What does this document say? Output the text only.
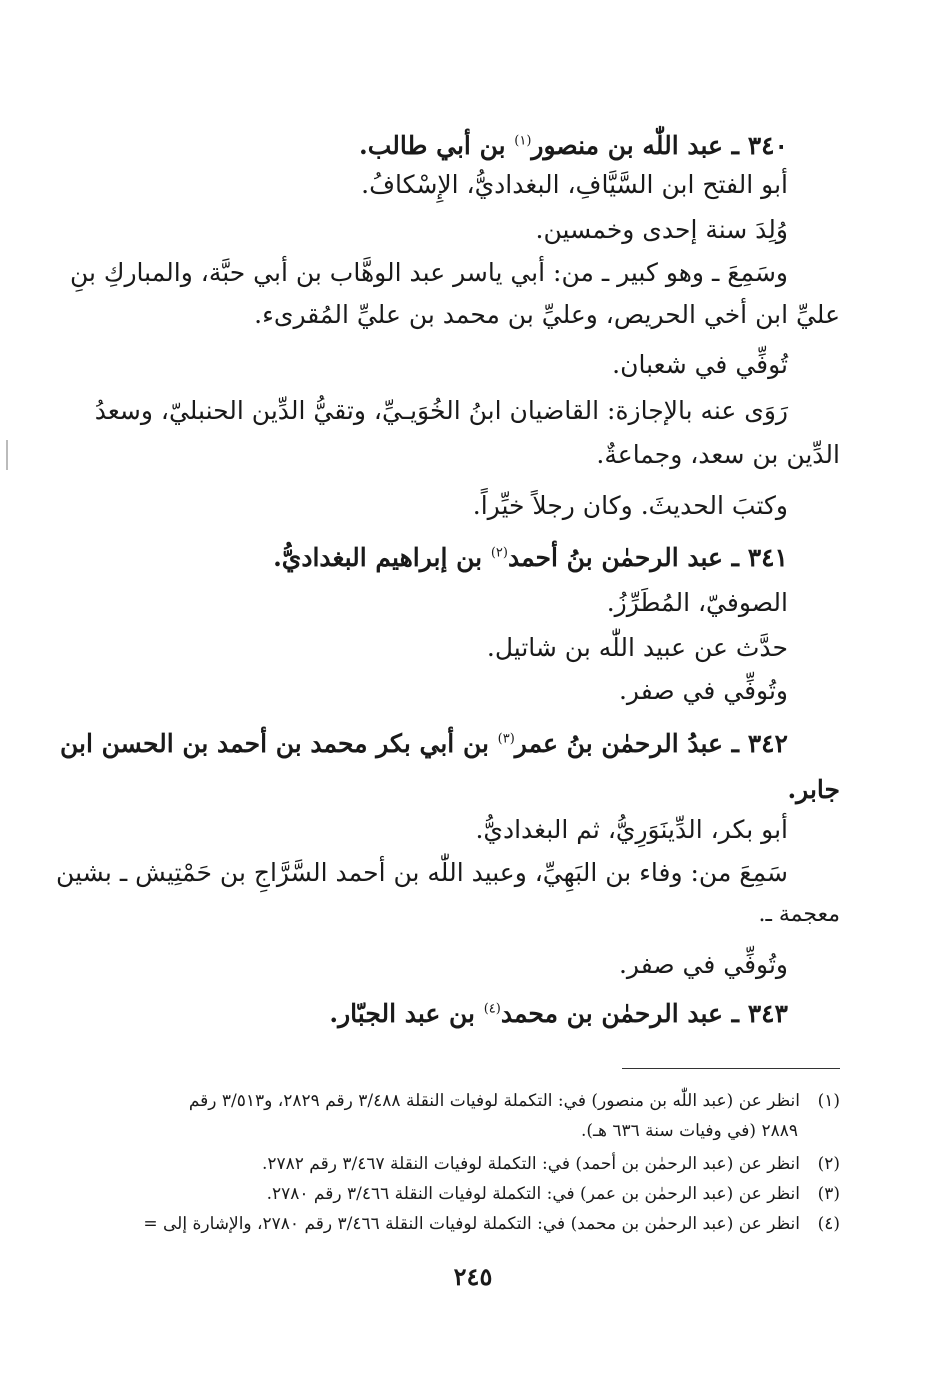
٣٤٠ ـ عبد اللّٰه بن منصور$^{(١)}$ بن أبي طالب.
أبو الفتح ابن السَّيَّافِ، البغداديُّ، الإِسْكافُ.
وُلِدَ سنة إحدى وخمسين.
وسَمِعَ ـ وهو كبير ـ من: أبي ياسر عبد الوهَّاب بن أبي حبَّة، والمباركِ بنِ
عليِّ ابن أخي الحريص، وعليِّ بن محمد بن عليِّ المُقرىء.
تُوفِّي في شعبان.
رَوَى عنه بالإجازة: القاضيان ابنُ الخُوَيـيِّ، وتقيُّ الدِّين الحنبليّ، وسعدُ
الدِّين بن سعد، وجماعةٌ.
وكتبَ الحديثَ. وكان رجلاً خيِّراً.
٣٤١ ـ عبد الرحمٰن بنُ أحمد$^{(٢)}$ بن إبراهيم البغداديُّ.
الصوفيّ، المُطَرِّزُ.
حدَّث عن عبيد اللّٰه بن شاتيل.
وتُوفِّي في صفر.
٣٤٢ ـ عبدُ الرحمٰن بنُ عمر$^{(٣)}$ بن أبي بكر محمد بن أحمد بن الحسن ابن
جابر.
أبو بكر، الدِّينَوَرِيُّ، ثم البغداديُّ.
سَمِعَ من: وفاء بن البَهِيِّ، وعبيد اللّٰه بن أحمد السَّرَّاجِ بن حَمْتِيش ـ بشين
معجمة ـ.
وتُوفِّي في صفر.
٣٤٣ ـ عبد الرحمٰن بن محمد$^{(٤)}$ بن عبد الجبّار.
(١)انظر عن (عبد اللّٰه بن منصور) في: التكملة لوفيات النقلة ٣/٤٨٨ رقم ٢٨٢٩، و٣/٥١٣ رقم
٢٨٨٩ (في وفيات سنة ٦٣٦ هـ).
(٢)انظر عن (عبد الرحمٰن بن أحمد) في: التكملة لوفيات النقلة ٣/٤٦٧ رقم ٢٧٨٢.
(٣)انظر عن (عبد الرحمٰن بن عمر) في: التكملة لوفيات النقلة ٣/٤٦٦ رقم ٢٧٨٠.
(٤)انظر عن (عبد الرحمٰن بن محمد) في: التكملة لوفيات النقلة ٣/٤٦٦ رقم ٢٧٨٠، والإشارة إلى =
٢٤٥
